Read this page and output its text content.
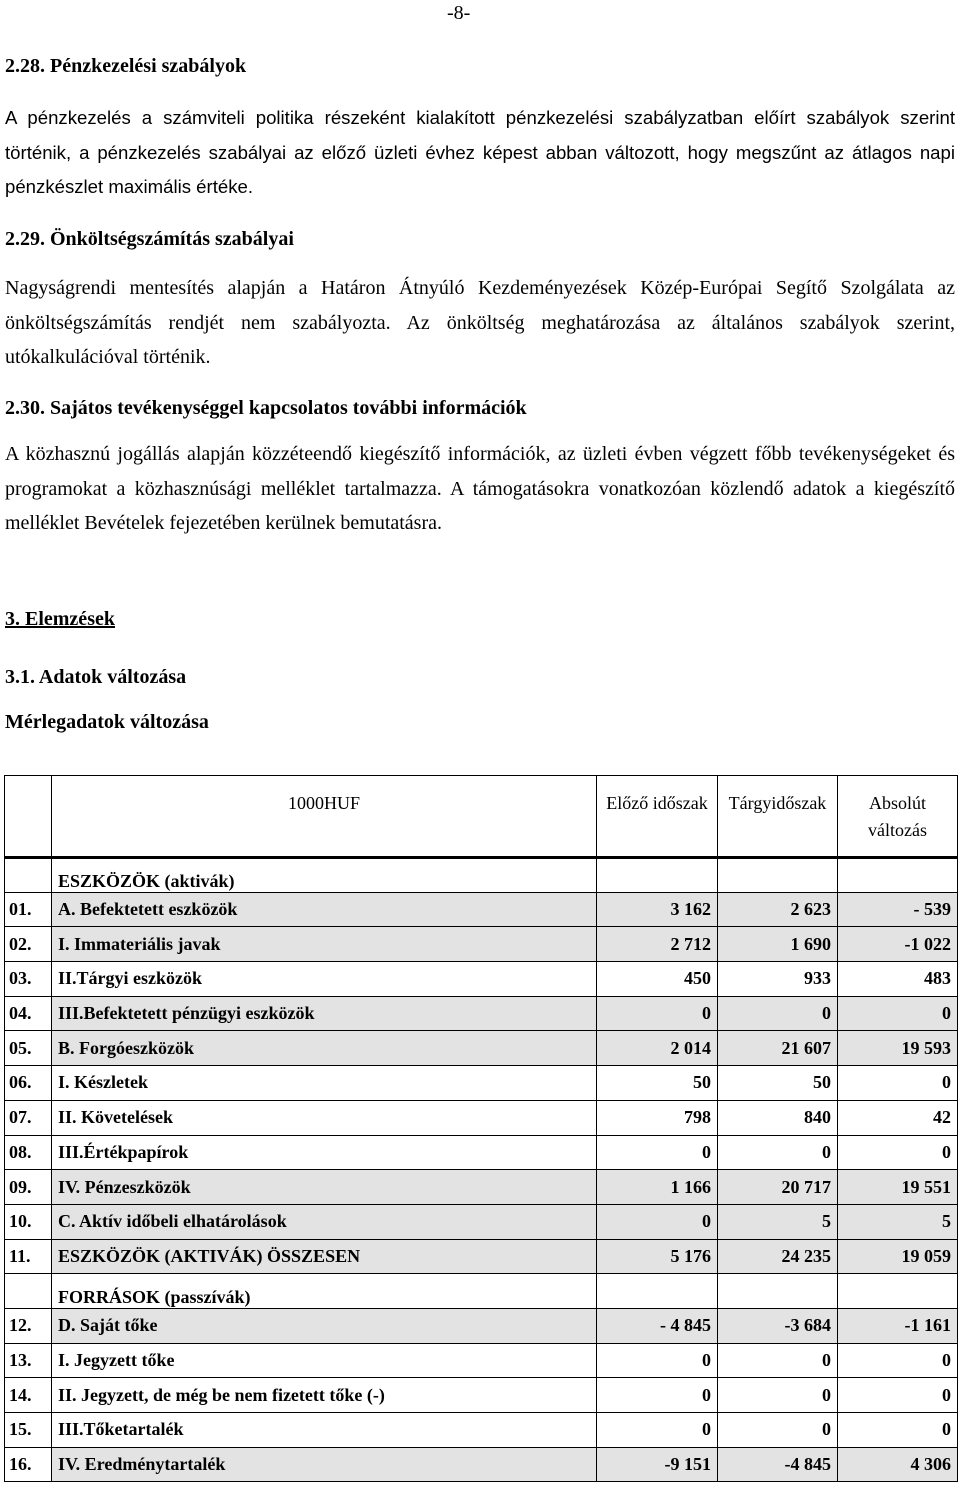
-8-
2.28. Pénzkezelési szabályok

A pénzkezelés a számviteli politika részeként kialakított pénzkezelési szabályzatban előírt szabályok szerint történik, a pénzkezelés szabályai az előző üzleti évhez képest abban változott, hogy megszűnt az átlagos napi pénzkészlet maximális értéke.

2.29. Önköltségszámítás szabályai

Nagyságrendi mentesítés alapján a Határon Átnyúló Kezdeményezések Közép-Európai Segítő Szolgálata az önköltségszámítás rendjét nem szabályozta. Az önköltség meghatározása az általános szabályok szerint, utókalkulációval történik.

2.30. Sajátos tevékenységgel kapcsolatos további információk

A közhasznú jogállás alapján közzéteendő kiegészítő információk, az üzleti évben végzett főbb tevékenységeket és programokat a közhasznúsági melléklet tartalmazza. A támogatásokra vonatkozóan közlendő adatok a kiegészítő melléklet Bevételek fejezetében kerülnek bemutatásra.

3. Elemzések
3.1. Adatok változása
Mérlegadatok változása
	1000HUF	Előző időszak	Tárgyidőszak	Absolút változás
	ESZKÖZÖK (aktivák)			
01.	A. Befektetett eszközök	3 162	2 623	- 539
02.	I. Immateriális javak	2 712	1 690	-1 022
03.	II.Tárgyi eszközök	450	933	483
04.	III.Befektetett pénzügyi eszközök	0	0	0
05.	B. Forgóeszközök	2 014	21 607	19 593
06.	I. Készletek	50	50	0
07.	II. Követelések	798	840	42
08.	III.Értékpapírok	0	0	0
09.	IV. Pénzeszközök	1 166	20 717	19 551
10.	C. Aktív időbeli elhatárolások	0	5	5
11.	ESZKÖZÖK (AKTIVÁK) ÖSSZESEN	5 176	24 235	19 059
	FORRÁSOK (passzívák)			
12.	D. Saját tőke	- 4 845	-3 684	-1 161
13.	I. Jegyzett tőke	0	0	0
14.	II. Jegyzett, de még be nem fizetett tőke (-)	0	0	0
15.	III.Tőketartalék	0	0	0
16.	IV. Eredménytartalék	-9 151	-4 845	4 306
